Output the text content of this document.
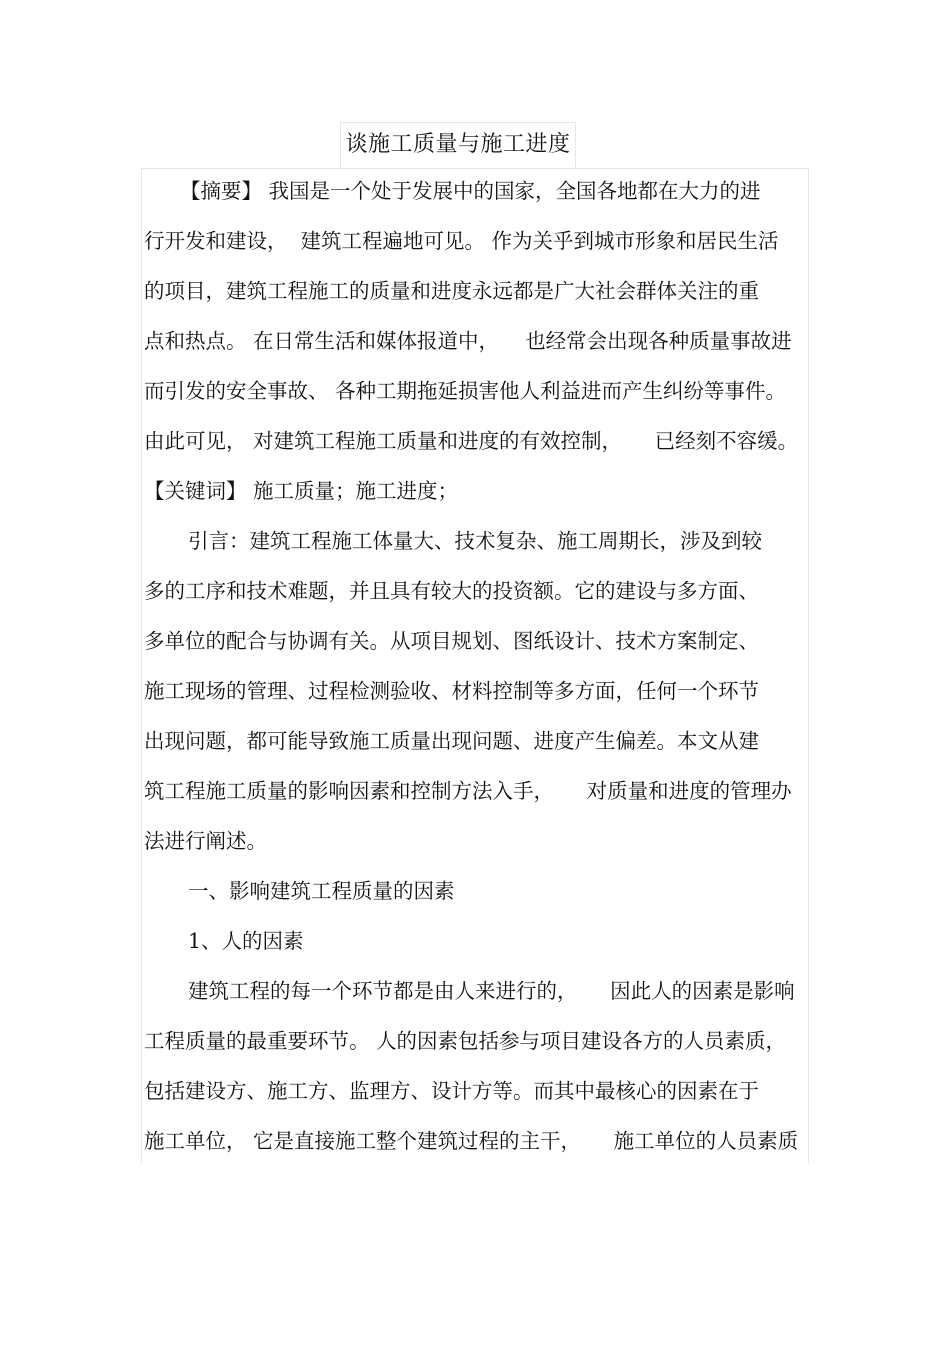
谈施工质量与施工进度
【摘要】 我国是一个处于发展中的国家，全国各地都在大力的进
行开发和建设，  建筑工程遍地可见。 作为关乎到城市形象和居民生活
的项目，建筑工程施工的质量和进度永远都是广大社会群体关注的重
点和热点。 在日常生活和媒体报道中，    也经常会出现各种质量事故进
而引发的安全事故、 各种工期拖延损害他人利益进而产生纠纷等事件。
由此可见， 对建筑工程施工质量和进度的有效控制，     已经刻不容缓。
【关键词】 施工质量；施工进度；
引言：建筑工程施工体量大、技术复杂、施工周期长，涉及到较
多的工序和技术难题，并且具有较大的投资额。它的建设与多方面、
多单位的配合与协调有关。从项目规划、图纸设计、技术方案制定、
施工现场的管理、过程检测验收、材料控制等多方面，任何一个环节
出现问题，都可能导致施工质量出现问题、进度产生偏差。本文从建
筑工程施工质量的影响因素和控制方法入手，     对质量和进度的管理办
法进行阐述。
一、影响建筑工程质量的因素
1、人的因素
建筑工程的每一个环节都是由人来进行的，     因此人的因素是影响
工程质量的最重要环节。 人的因素包括参与项目建设各方的人员素质，
包括建设方、施工方、监理方、设计方等。而其中最核心的因素在于
施工单位， 它是直接施工整个建筑过程的主干，     施工单位的人员素质
